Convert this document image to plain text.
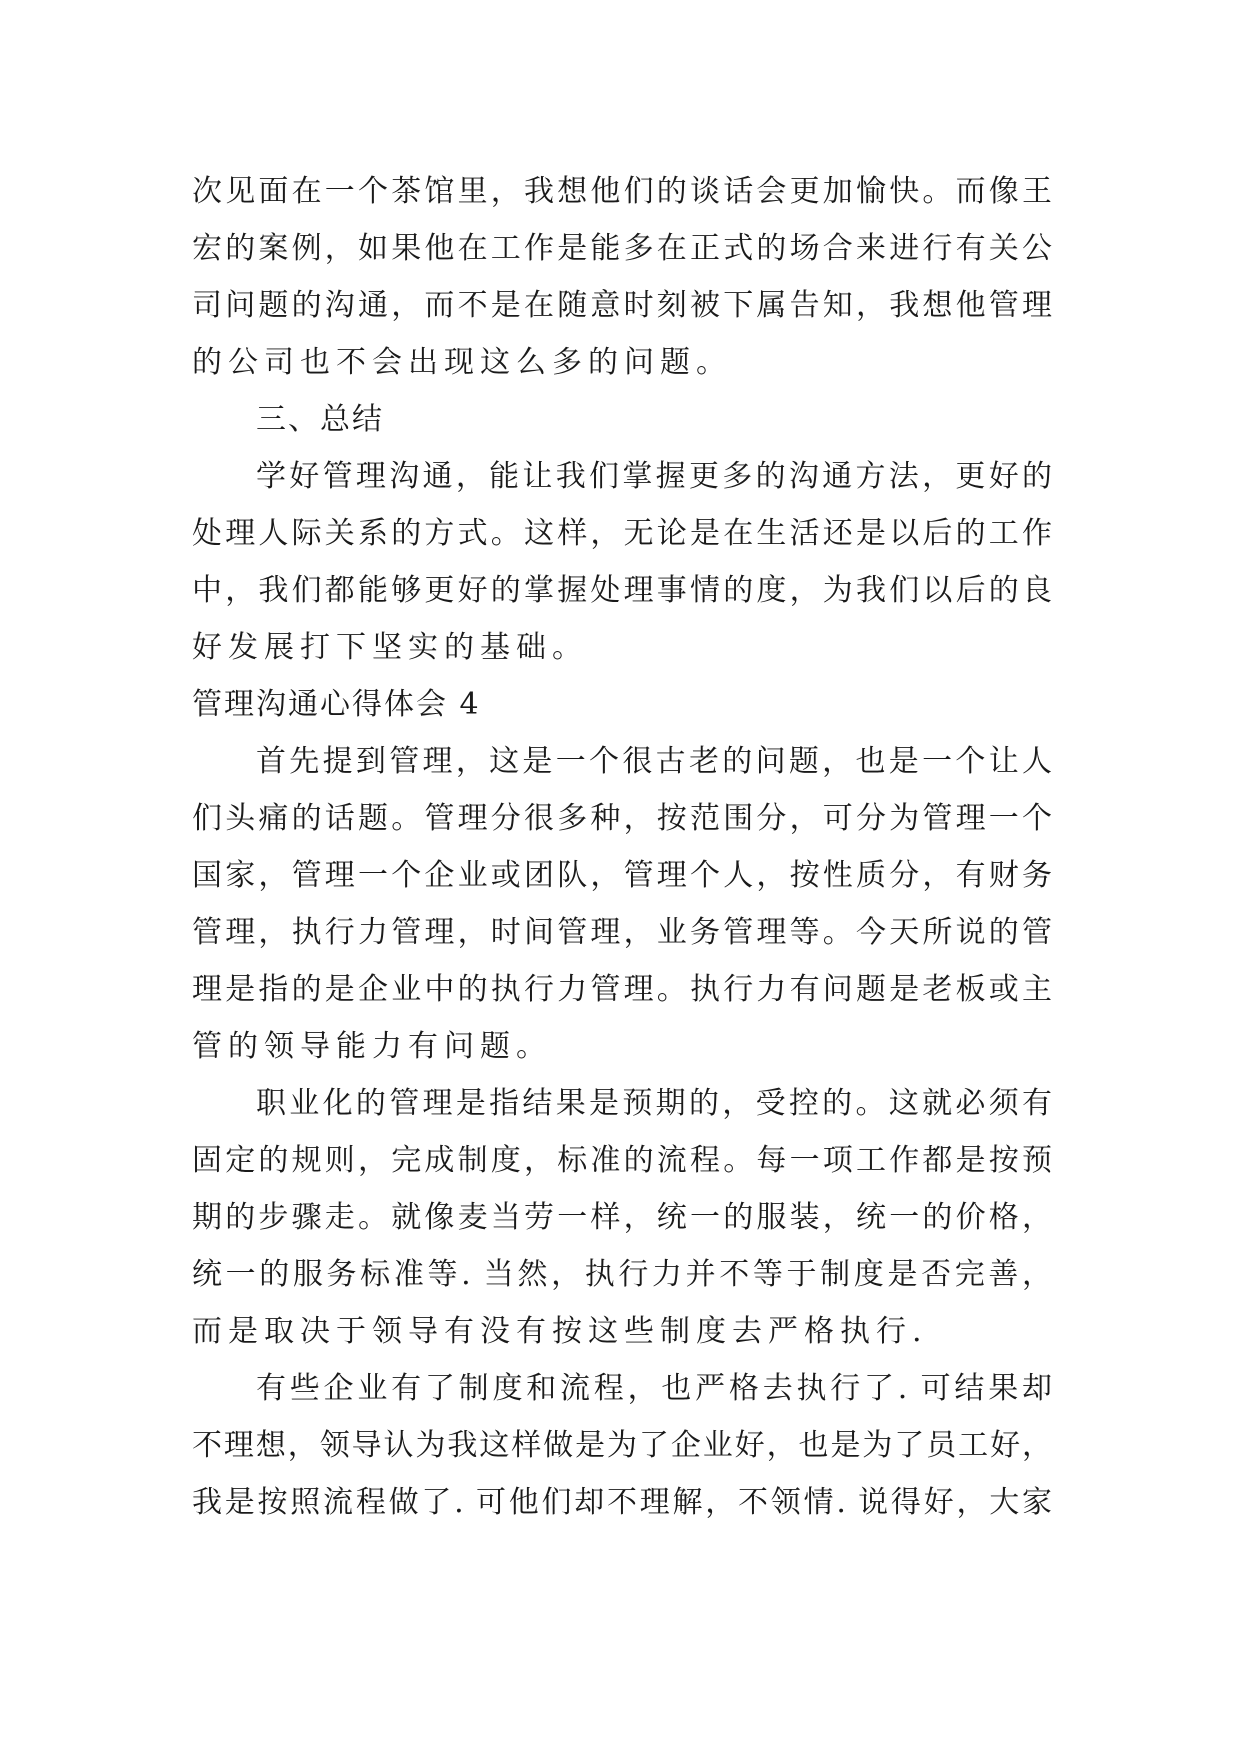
次见面在一个茶馆里，我想他们的谈话会更加愉快。而像王
宏的案例，如果他在工作是能多在正式的场合来进行有关公
司问题的沟通，而不是在随意时刻被下属告知，我想他管理
的公司也不会出现这么多的问题。
三、总结
学好管理沟通，能让我们掌握更多的沟通方法，更好的
处理人际关系的方式。这样，无论是在生活还是以后的工作
中，我们都能够更好的掌握处理事情的度，为我们以后的良
好发展打下坚实的基础。
管理沟通心得体会 4
首先提到管理，这是一个很古老的问题，也是一个让人
们头痛的话题。管理分很多种，按范围分，可分为管理一个
国家，管理一个企业或团队，管理个人，按性质分，有财务
管理，执行力管理，时间管理，业务管理等。今天所说的管
理是指的是企业中的执行力管理。执行力有问题是老板或主
管的领导能力有问题。
职业化的管理是指结果是预期的，受控的。这就必须有
固定的规则，完成制度，标准的流程。每一项工作都是按预
期的步骤走。就像麦当劳一样，统一的服装，统一的价格，
统一的服务标准等. 当然，执行力并不等于制度是否完善，
而是取决于领导有没有按这些制度去严格执行.
有些企业有了制度和流程，也严格去执行了. 可结果却
不理想，领导认为我这样做是为了企业好，也是为了员工好，
我是按照流程做了. 可他们却不理解，不领情. 说得好，大家
